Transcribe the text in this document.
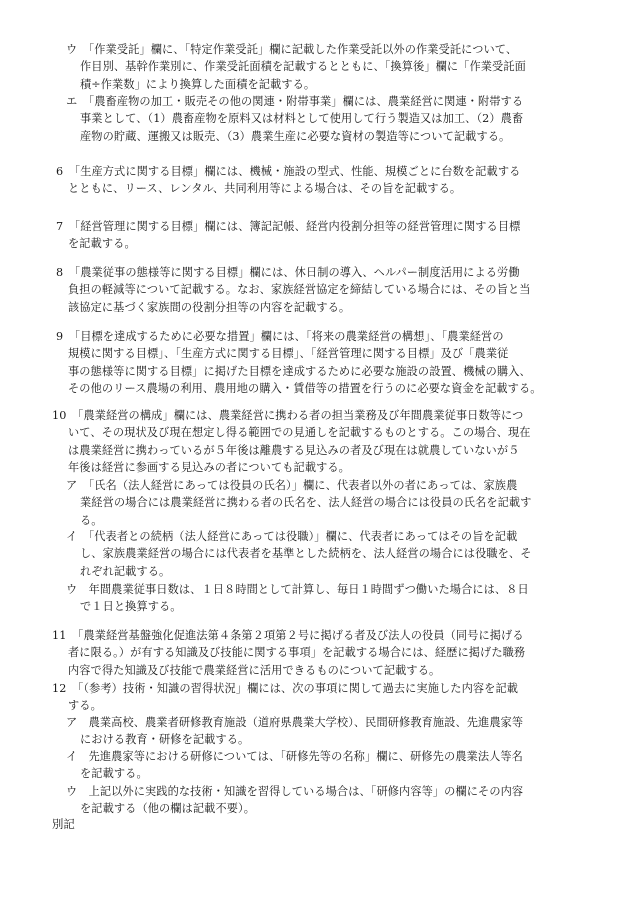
ウ　「作業受託」欄に、「特定作業受託」欄に記載した作業受託以外の作業受託について、
作目別、基幹作業別に、作業受託面積を記載するとともに、「換算後」欄に「作業受託面
積÷作業数」により換算した面積を記載する。
エ　「農畜産物の加工・販売その他の関連・附帯事業」欄には、農業経営に関連・附帯する
事業として、（1）農畜産物を原料又は材料として使用して行う製造又は加工、（2）農畜
産物の貯蔵、運搬又は販売、（3）農業生産に必要な資材の製造等について記載する。
6　「生産方式に関する目標」欄には、機械・施設の型式、性能、規模ごとに台数を記載する
とともに、リース、レンタル、共同利用等による場合は、その旨を記載する。
7　「経営管理に関する目標」欄には、簿記記帳、経営内役割分担等の経営管理に関する目標
を記載する。
8　「農業従事の態様等に関する目標」欄には、休日制の導入、ヘルパー制度活用による労働
負担の軽減等について記載する。なお、家族経営協定を締結している場合には、その旨と当
該協定に基づく家族間の役割分担等の内容を記載する。
9　「目標を達成するために必要な措置」欄には、「将来の農業経営の構想」、「農業経営の
規模に関する目標」、「生産方式に関する目標」、「経営管理に関する目標」及び「農業従
事の態様等に関する目標」に掲げた目標を達成するために必要な施設の設置、機械の購入、
その他のリース農場の利用、農用地の購入・賃借等の措置を行うのに必要な資金を記載する。
10　「農業経営の構成」欄には、農業経営に携わる者の担当業務及び年間農業従事日数等につ
いて、その現状及び現在想定し得る範囲での見通しを記載するものとする。この場合、現在
は農業経営に携わっているが５年後は離農する見込みの者及び現在は就農していないが５
年後は経営に参画する見込みの者についても記載する。
ア　「氏名（法人経営にあっては役員の氏名）」欄に、代表者以外の者にあっては、家族農
業経営の場合には農業経営に携わる者の氏名を、法人経営の場合には役員の氏名を記載す
る。
イ　「代表者との続柄（法人経営にあっては役職）」欄に、代表者にあってはその旨を記載
し、家族農業経営の場合には代表者を基準とした続柄を、法人経営の場合には役職を、そ
れぞれ記載する。
ウ　年間農業従事日数は、１日８時間として計算し、毎日１時間ずつ働いた場合には、８日
で１日と換算する。
11　「農業経営基盤強化促進法第４条第２項第２号に掲げる者及び法人の役員（同号に掲げる
者に限る。）が有する知識及び技能に関する事項」を記載する場合には、経歴に掲げた職務
内容で得た知識及び技能で農業経営に活用できるものについて記載する。
12　「（参考）技術・知識の習得状況」欄には、次の事項に関して過去に実施した内容を記載
する。
ア　農業高校、農業者研修教育施設（道府県農業大学校）、民間研修教育施設、先進農家等
における教育・研修を記載する。
イ　先進農家等における研修については、「研修先等の名称」欄に、研修先の農業法人等名
を記載する。
ウ　上記以外に実践的な技術・知識を習得している場合は、「研修内容等」の欄にその内容
を記載する（他の欄は記載不要）。
別記
